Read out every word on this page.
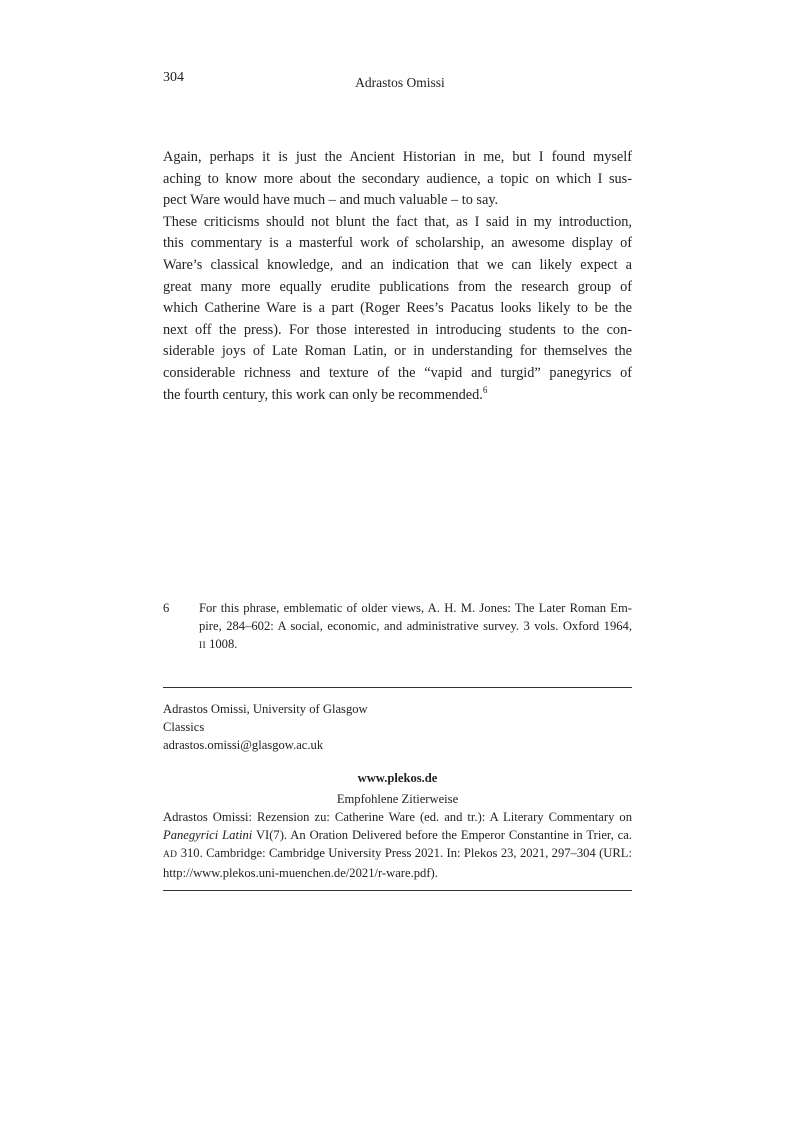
304	Adrastos Omissi
Again, perhaps it is just the Ancient Historian in me, but I found myself
aching to know more about the secondary audience, a topic on which I sus-
pect Ware would have much – and much valuable – to say.
These criticisms should not blunt the fact that, as I said in my introduction,
this commentary is a masterful work of scholarship, an awesome display of
Ware’s classical knowledge, and an indication that we can likely expect a
great many more equally erudite publications from the research group of
which Catherine Ware is a part (Roger Rees’s Pacatus looks likely to be the
next off the press). For those interested in introducing students to the con-
siderable joys of Late Roman Latin, or in understanding for themselves the
considerable richness and texture of the “vapid and turgid” panegyrics of
the fourth century, this work can only be recommended.$^6$
6	For this phrase, emblematic of older views, A. H. M. Jones: The Later Roman Em-
pire, 284–602: A social, economic, and administrative survey. 3 vols. Oxford 1964,
II 1008.
Adrastos Omissi, University of Glasgow
Classics
adrastos.omissi@glasgow.ac.uk
www.plekos.de
Empfohlene Zitierweise
Adrastos Omissi: Rezension zu: Catherine Ware (ed. and tr.): A Literary Commentary on
Panegyrici Latini VI(7). An Oration Delivered before the Emperor Constantine in Trier, ca.
AD 310. Cambridge: Cambridge University Press 2021. In: Plekos 23, 2021, 297–304 (URL:
http://www.plekos.uni-muenchen.de/2021/r-ware.pdf).
